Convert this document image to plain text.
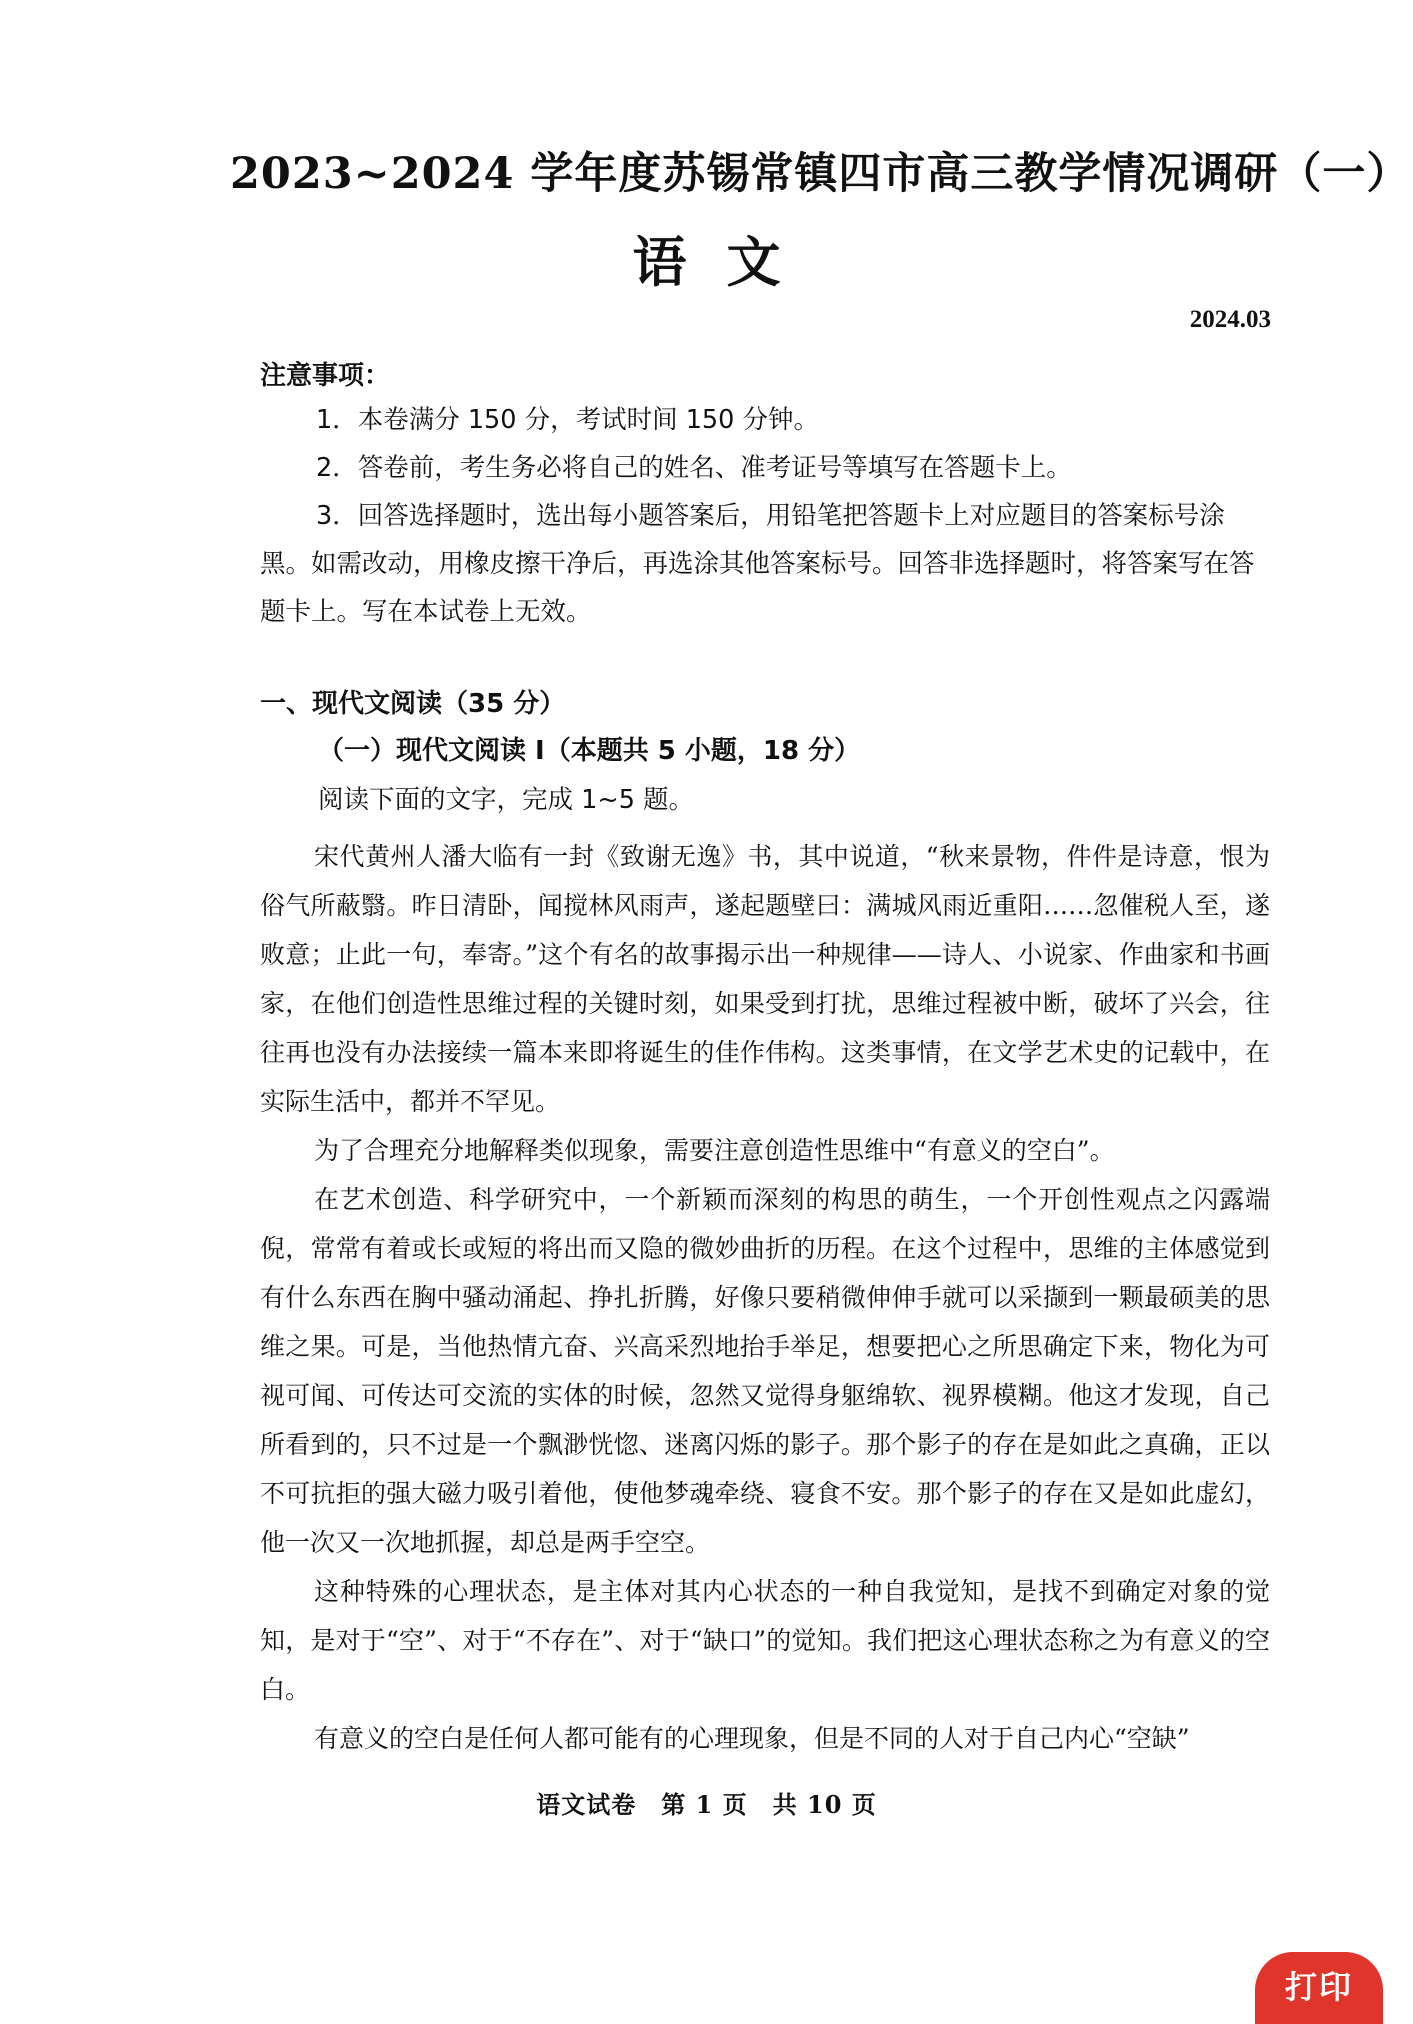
2023~2024 学年度苏锡常镇四市高三教学情况调研（一）
语文
2024.03
注意事项：

1．本卷满分 150 分，考试时间 150 分钟。

2．答卷前，考生务必将自己的姓名、准考证号等填写在答题卡上。

3．回答选择题时，选出每小题答案后，用铅笔把答题卡上对应题目的答案标号涂黑。如需改动，用橡皮擦干净后，再选涂其他答案标号。回答非选择题时，将答案写在答题卡上。写在本试卷上无效。

一、现代文阅读（35 分）
（一）现代文阅读 I（本题共 5 小题，18 分）
阅读下面的文字，完成 1~5 题。

宋代黄州人潘大临有一封《致谢无逸》书，其中说道，“秋来景物，件件是诗意，恨为俗气所蔽翳。昨日清卧，闻搅林风雨声，遂起题壁曰：满城风雨近重阳……忽催税人至，遂败意；止此一句，奉寄。”这个有名的故事揭示出一种规律——诗人、小说家、作曲家和书画家，在他们创造性思维过程的关键时刻，如果受到打扰，思维过程被中断，破坏了兴会，往往再也没有办法接续一篇本来即将诞生的佳作伟构。这类事情，在文学艺术史的记载中，在实际生活中，都并不罕见。

为了合理充分地解释类似现象，需要注意创造性思维中“有意义的空白”。

在艺术创造、科学研究中，一个新颖而深刻的构思的萌生，一个开创性观点之闪露端倪，常常有着或长或短的将出而又隐的微妙曲折的历程。在这个过程中，思维的主体感觉到有什么东西在胸中骚动涌起、挣扎折腾，好像只要稍微伸伸手就可以采撷到一颗最硕美的思维之果。可是，当他热情亢奋、兴高采烈地抬手举足，想要把心之所思确定下来，物化为可视可闻、可传达可交流的实体的时候，忽然又觉得身躯绵软、视界模糊。他这才发现，自己所看到的，只不过是一个飘渺恍惚、迷离闪烁的影子。那个影子的存在是如此之真确，正以不可抗拒的强大磁力吸引着他，使他梦魂牵绕、寝食不安。那个影子的存在又是如此虚幻，他一次又一次地抓握，却总是两手空空。

这种特殊的心理状态，是主体对其内心状态的一种自我觉知，是找不到确定对象的觉知，是对于“空”、对于“不存在”、对于“缺口”的觉知。我们把这心理状态称之为有意义的空白。

有意义的空白是任何人都可能有的心理现象，但是不同的人对于自己内心“空缺”

语文试卷　第 1 页　共 10 页
打印
